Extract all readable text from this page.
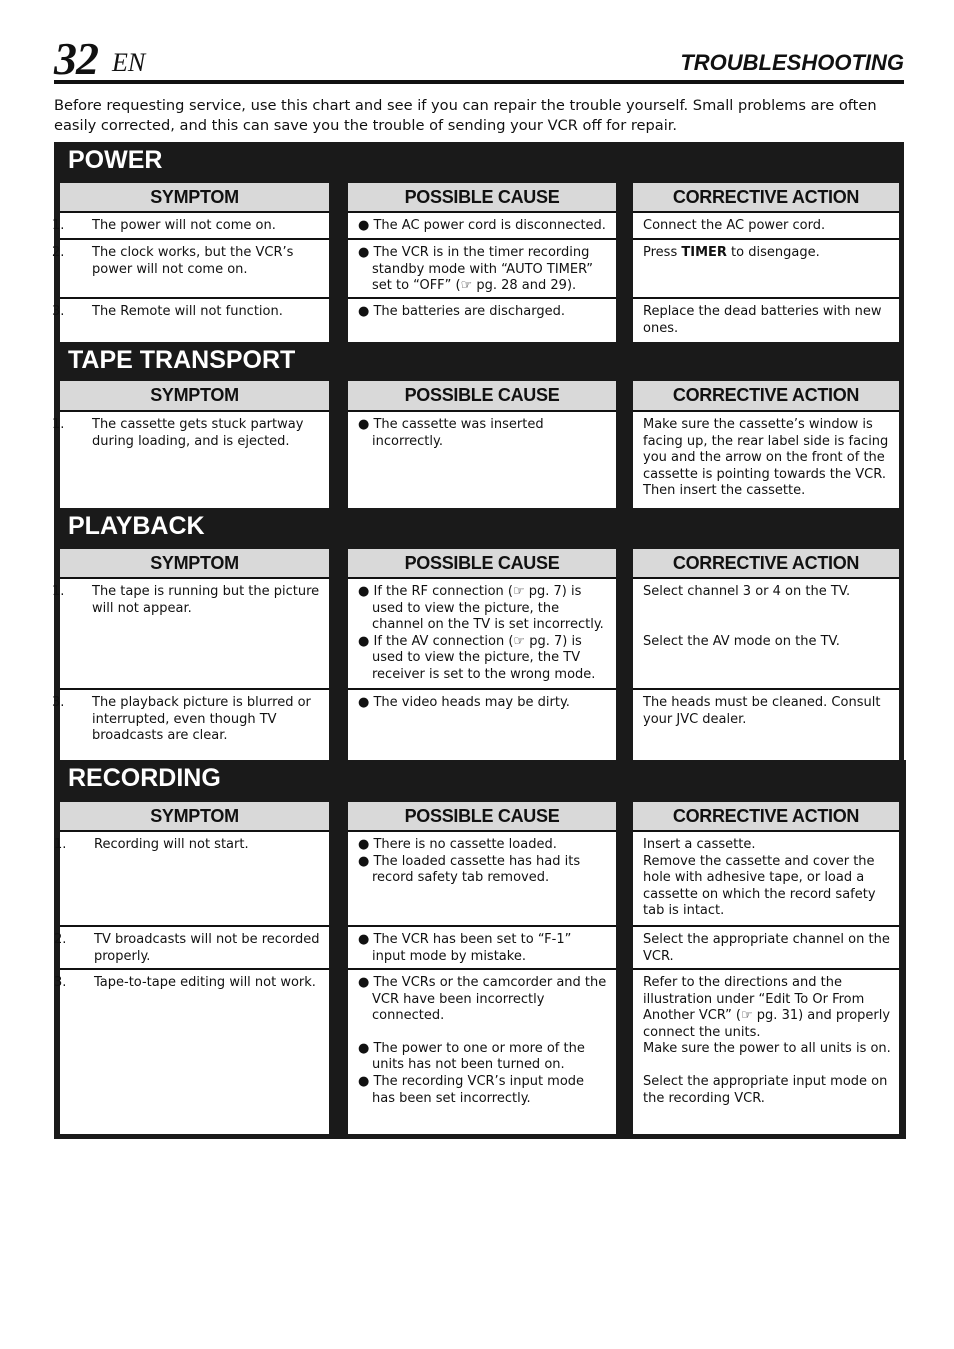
32 EN	TROUBLESHOOTING
Before requesting service, use this chart and see if you can repair the trouble yourself. Small problems are often easily corrected, and this can save you the trouble of sending your VCR off for repair.
POWER
SYMPTOM
1. The power will not come on.
2. The clock works, but the VCR’s power will not come on.
3. The Remote will not function.
POSSIBLE CAUSE
● The AC power cord is disconnected.
● The VCR is in the timer recording standby mode with “AUTO TIMER” set to “OFF” (☞ pg. 28 and 29).
● The batteries are discharged.
CORRECTIVE ACTION
Connect the AC power cord.
Press TIMER to disengage.
Replace the dead batteries with new ones.
TAPE TRANSPORT
SYMPTOM
1. The cassette gets stuck partway during loading, and is ejected.
POSSIBLE CAUSE
● The cassette was inserted incorrectly.
CORRECTIVE ACTION
Make sure the cassette’s window is facing up, the rear label side is facing you and the arrow on the front of the cassette is pointing towards the VCR. Then insert the cassette.
PLAYBACK
SYMPTOM
1. The tape is running but the picture will not appear.
3. The playback picture is blurred or interrupted, even though TV broadcasts are clear.
POSSIBLE CAUSE
● If the RF connection (☞ pg. 7) is used to view the picture, the channel on the TV is set incorrectly.
● If the AV connection (☞ pg. 7) is used to view the picture, the TV receiver is set to the wrong mode.
● The video heads may be dirty.
CORRECTIVE ACTION
Select channel 3 or 4 on the TV.
Select the AV mode on the TV.
The heads must be cleaned. Consult your JVC dealer.
RECORDING
SYMPTOM
1. Recording will not start.
2. TV broadcasts will not be recorded properly.
3. Tape-to-tape editing will not work.
POSSIBLE CAUSE
● There is no cassette loaded.
● The loaded cassette has had its record safety tab removed.
● The VCR has been set to “F-1” input mode by mistake.
● The VCRs or the camcorder and the VCR have been incorrectly connected.
● The power to one or more of the units has not been turned on.
● The recording VCR’s input mode has been set incorrectly.
CORRECTIVE ACTION
Insert a cassette.
Remove the cassette and cover the hole with adhesive tape, or load a cassette on which the record safety tab is intact.
Select the appropriate channel on the VCR.
Refer to the directions and the illustration under “Edit To Or From Another VCR” (☞ pg. 31) and properly connect the units.
Make sure the power to all units is on.
Select the appropriate input mode on the recording VCR.
